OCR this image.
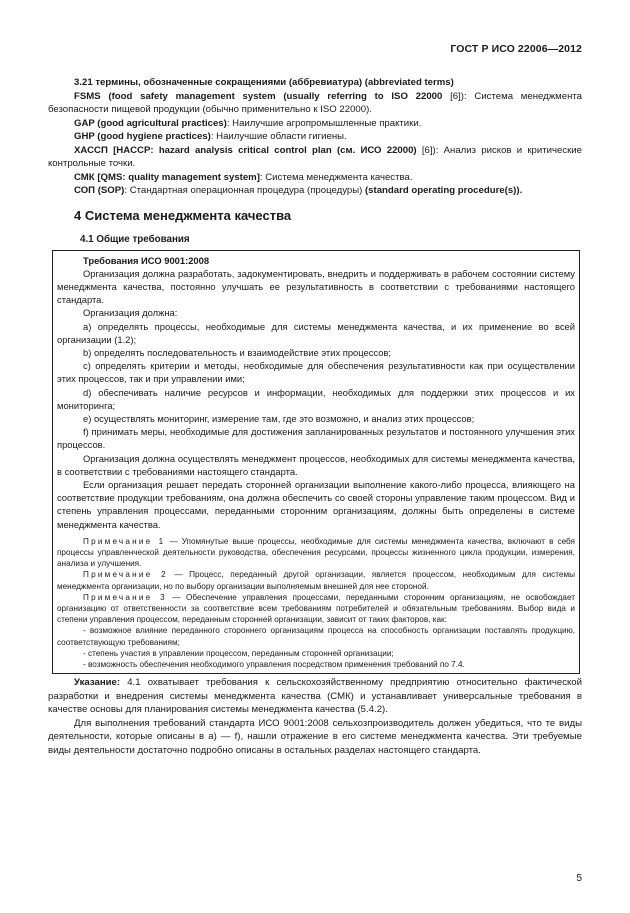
ГОСТ Р ИСО 22006—2012

3.21 термины, обозначенные сокращениями (аббревиатура) (abbreviated terms)

FSMS (food safety management system (usually referring to ISO 22000 [6]): Система менеджмента безопасности пищевой продукции (обычно применительно к ISO 22000).

GAP (good agricultural practices): Наилучшие агропромышленные практики.

GHP (good hygiene practices): Наилучшие области гигиены.

ХАССП [HACCP: hazard analysis critical control plan (см. ИСО 22000) [6]): Анализ рисков и критические контрольные точки.

СМК [QMS: quality management system]: Система менеджмента качества.

СОП (SOP): Стандартная операционная процедура (процедуры) (standard operating procedure(s)).

4 Система менеджмента качества
4.1 Общие требования

Требования ИСО 9001:2008

Организация должна разработать, задокументировать, внедрить и поддерживать в рабочем состоянии систему менеджмента качества, постоянно улучшать ее результативность в соответствии с требованиями настоящего стандарта.

Организация должна:

a) определять процессы, необходимые для системы менеджмента качества, и их применение во всей организации (1.2);

b) определять последовательность и взаимодействие этих процессов;

c) определять критерии и методы, необходимые для обеспечения результативности как при осуществлении этих процессов, так и при управлении ими;

d) обеспечивать наличие ресурсов и информации, необходимых для поддержки этих процессов и их мониторинга;

e) осуществлять мониторинг, измерение там, где это возможно, и анализ этих процессов;

f) принимать меры, необходимые для достижения запланированных результатов и постоянного улучшения этих процессов.

Организация должна осуществлять менеджмент процессов, необходимых для системы менеджмента качества, в соответствии с требованиями настоящего стандарта.

Если организация решает передать сторонней организации выполнение какого-либо процесса, влияющего на соответствие продукции требованиям, она должна обеспечить со своей стороны управление таким процессом. Вид и степень управления процессами, переданными сторонним организациям, должны быть определены в системе менеджмента качества.

Примечание 1 — Упомянутые выше процессы, необходимые для системы менеджмента качества, включают в себя процессы управленческой деятельности руководства, обеспечения ресурсами, процессы жизненного цикла продукции, измерения, анализа и улучшения.

Примечание 2 — Процесс, переданный другой организации, является процессом, необходимым для системы менеджмента организации, но по выбору организации выполняемым внешней для нее стороной.

Примечание 3 — Обеспечение управления процессами, переданными сторонним организациям, не освобождает организацию от ответственности за соответствие всем требованиям потребителей и обязательным требованиям. Выбор вида и степени управления процессом, переданным сторонней организации, зависит от таких факторов, как:

- возможное влияние переданного стороннего организациям процесса на способность организации поставлять продукцию, соответствующую требованиям;

- степень участия в управлении процессом, переданным сторонней организации;

- возможность обеспечения необходимого управления посредством применения требований по 7.4.

Указание: 4.1 охватывает требования к сельскохозяйственному предприятию относительно фактической разработки и внедрения системы менеджмента качества (СМК) и устанавливает универсальные требования в качестве основы для планирования системы менеджмента качества (5.4.2).

Для выполнения требований стандарта ИСО 9001:2008 сельхозпроизводитель должен убедиться, что те виды деятельности, которые описаны в а) — f), нашли отражение в его системе менеджмента качества. Эти требуемые виды деятельности достаточно подробно описаны в остальных разделах настоящего стандарта.

5
